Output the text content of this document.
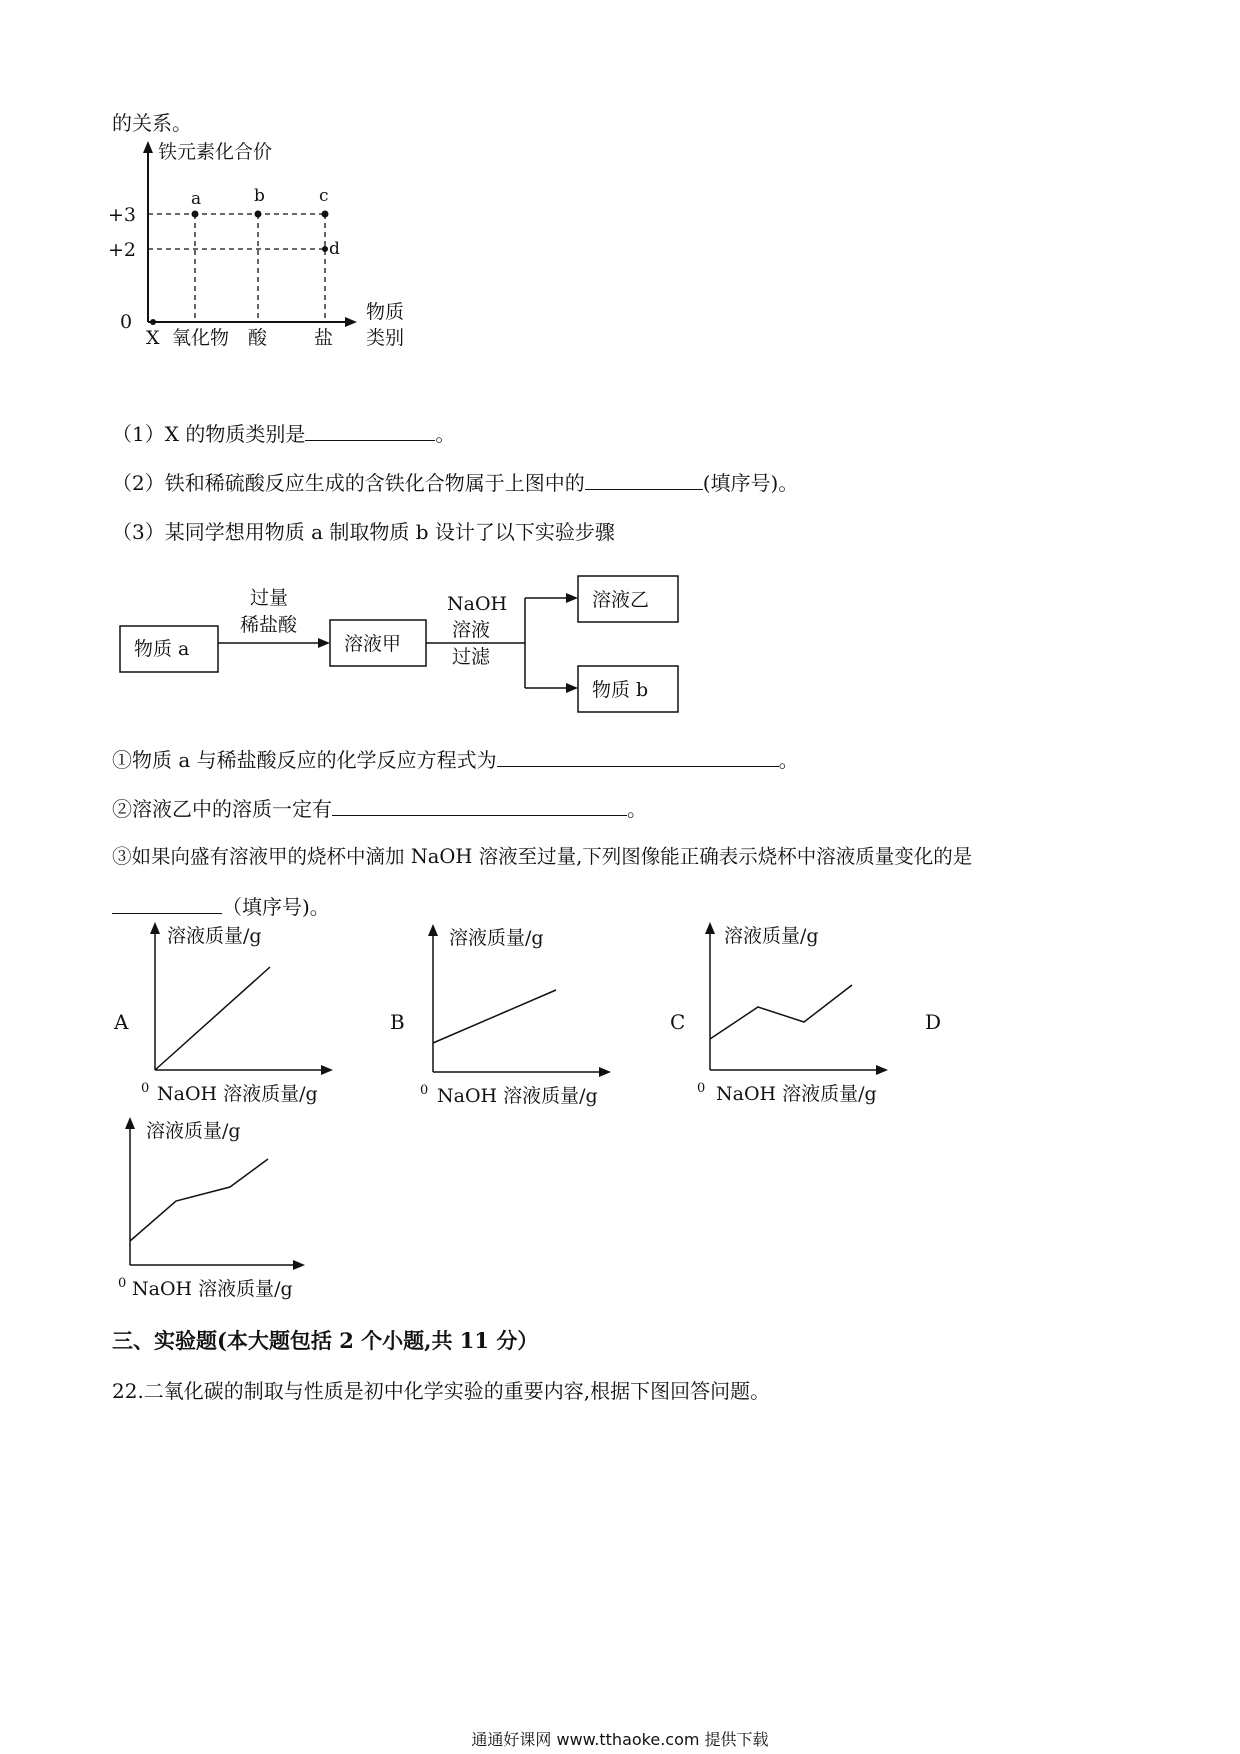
的关系。
铁元素化合价
+3
+2
0
a	b	c
d
X 氧化物 酸 盐
物质
类别
（1）X 的物质类别是	。
（2）铁和稀硫酸反应生成的含铁化合物属于上图中的	(填序号)。
（3）某同学想用物质 a 制取物质 b 设计了以下实验步骤
物质 a
过量
稀盐酸
溶液甲
NaOH
溶液
过滤
溶液乙
物质 b
①物质 a 与稀盐酸反应的化学反应方程式为	。
②溶液乙中的溶质一定有	。
③如果向盛有溶液甲的烧杯中滴加 NaOH 溶液至过量,下列图像能正确表示烧杯中溶液质量变化的是
（填序号)。
A	B	C	D
溶液质量/g
NaOH 溶液质量/g
0
溶液质量/g
NaOH 溶液质量/g
0
溶液质量/g
NaOH 溶液质量/g
0
溶液质量/g
NaOH 溶液质量/g
0
三、实验题(本大题包括 2 个小题,共 11 分）
22.二氧化碳的制取与性质是初中化学实验的重要内容,根据下图回答问题。
通通好课网 www.tthaoke.com 提供下载
